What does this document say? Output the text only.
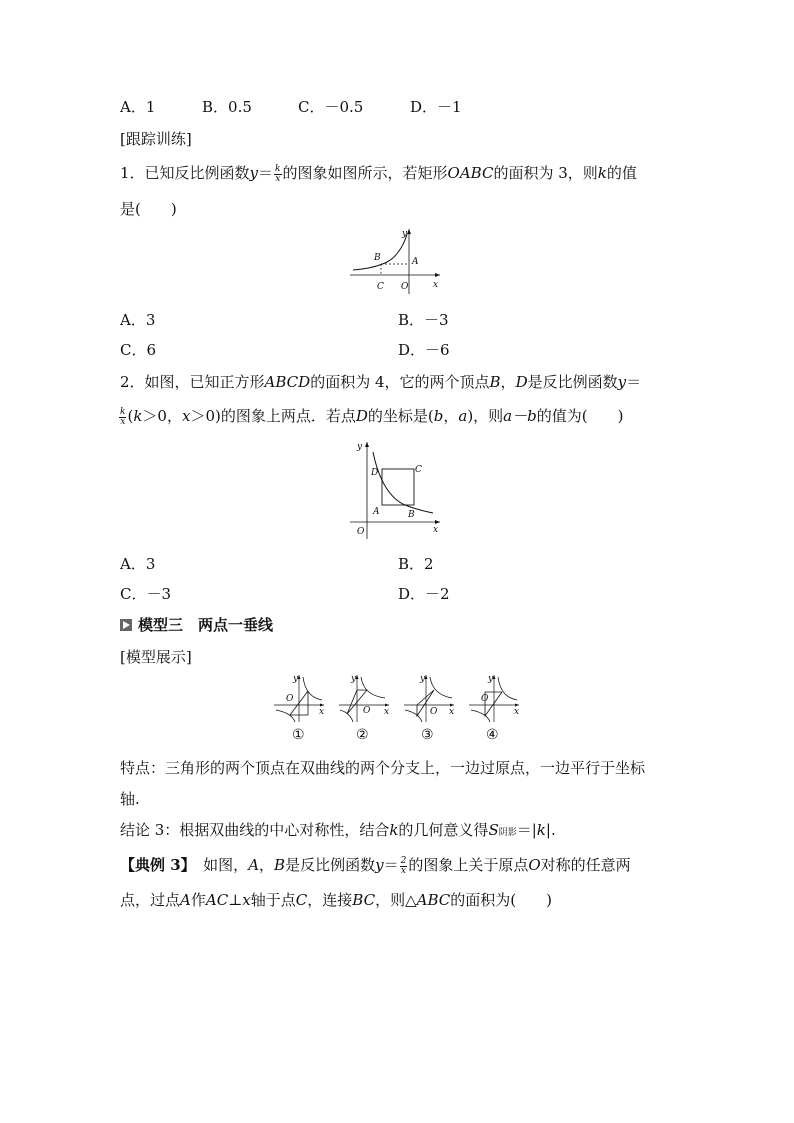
A．1	B．0.5	C．－0.5	D．－1
[跟踪训练]
1．已知反比例函数$y= \frac{k}{x}$ 的图象如图所示，若矩形OABC的面积为 3，则k的值
是(　　)
B	A
C O
y
x
A．3	B．－3
C．6	D．－6
2．如图，已知正方形ABCD的面积为 4，它的两个顶点B，D是反比例函数y＝
$\frac{k}{x} (k>0$，x＞0)的图象上两点．若点D的坐标是(b，a)，则a－b的值为(　　)
D	C
A	B
O
y
x
A．3	B．2
C．－3	D．－2
模型三　两点一垂线
[模型展示]
y
O
x
y
O x
y
O x
y
O
x
①	②	③	④
特点：三角形的两个顶点在双曲线的两个分支上，一边过原点，一边平行于坐标
轴.
结论 3：根据双曲线的中心对称性，结合k的几何意义得S阴影＝|k|.
【典例 3】　如图，A，B是反比例函数$y= \frac{2}{x}$ 的图象上关于原点O对称的任意两
点，过点A作AC⊥x轴于点C，连接BC，则△ABC的面积为(　　)
